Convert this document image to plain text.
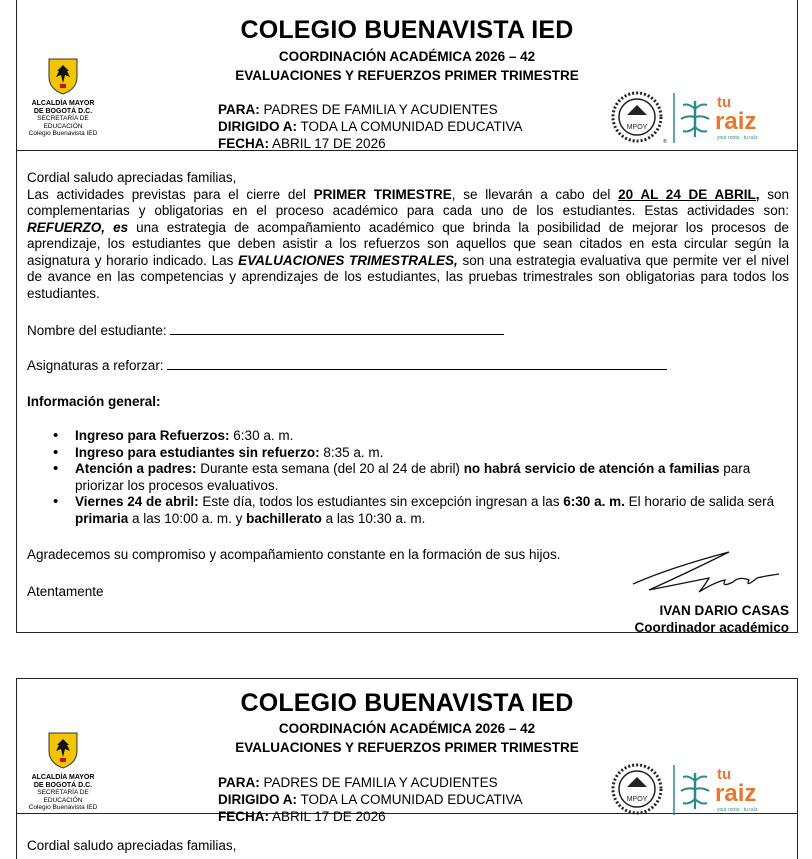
COLEGIO BUENAVISTA IED
COORDINACIÓN ACADÉMICA 2026 – 42
EVALUACIONES Y REFUERZOS PRIMER TRIMESTRE
ALCALDÍA MAYOR
DE BOGOTÁ D.C.
SECRETARÍA DE EDUCACIÓN
Colegio Buenavista IED
PARA: PADRES DE FAMILIA Y ACUDIENTES
DIRIGIDO A: TODA LA COMUNIDAD EDUCATIVA
FECHA: ABRIL 17 DE 2026
MPOY
®
tu
raiz
your roots · tu raíz

Cordial saludo apreciadas familias,

Las actividades previstas para el cierre del PRIMER TRIMESTRE, se llevarán a cabo del 20 AL 24 DE ABRIL, son complementarias y obligatorias en el proceso académico para cada uno de los estudiantes. Estas actividades son: REFUERZO, es una estrategia de acompañamiento académico que brinda la posibilidad de mejorar los procesos de aprendizaje, los estudiantes que deben asistir a los refuerzos son aquellos que sean citados en esta circular según la asignatura y horario indicado. Las EVALUACIONES TRIMESTRALES, son una estrategia evaluativa que permite ver el nivel de avance en las competencias y aprendizajes de los estudiantes, las pruebas trimestrales son obligatorias para todos los estudiantes.

Nombre del estudiante:
Asignaturas a reforzar:
Información general:
• Ingreso para Refuerzos: 6:30 a. m.
• Ingreso para estudiantes sin refuerzo: 8:35 a. m.
• Atención a padres: Durante esta semana (del 20 al 24 de abril) no habrá servicio de atención a familias para priorizar los procesos evaluativos.
• Viernes 24 de abril: Este día, todos los estudiantes sin excepción ingresan a las 6:30 a. m. El horario de salida será primaria a las 10:00 a. m. y bachillerato a las 10:30 a. m.
Agradecemos su compromiso y acompañamiento constante en la formación de sus hijos.
Atentamente
IVAN DARIO CASAS
Coordinador académico
COLEGIO BUENAVISTA IED
COORDINACIÓN ACADÉMICA 2026 – 42
EVALUACIONES Y REFUERZOS PRIMER TRIMESTRE
ALCALDÍA MAYOR
DE BOGOTÁ D.C.
SECRETARÍA DE EDUCACIÓN
Colegio Buenavista IED
PARA: PADRES DE FAMILIA Y ACUDIENTES
DIRIGIDO A: TODA LA COMUNIDAD EDUCATIVA
FECHA: ABRIL 17 DE 2026
MPOY
tu
raiz
your roots · tu raíz
Cordial saludo apreciadas familias,
